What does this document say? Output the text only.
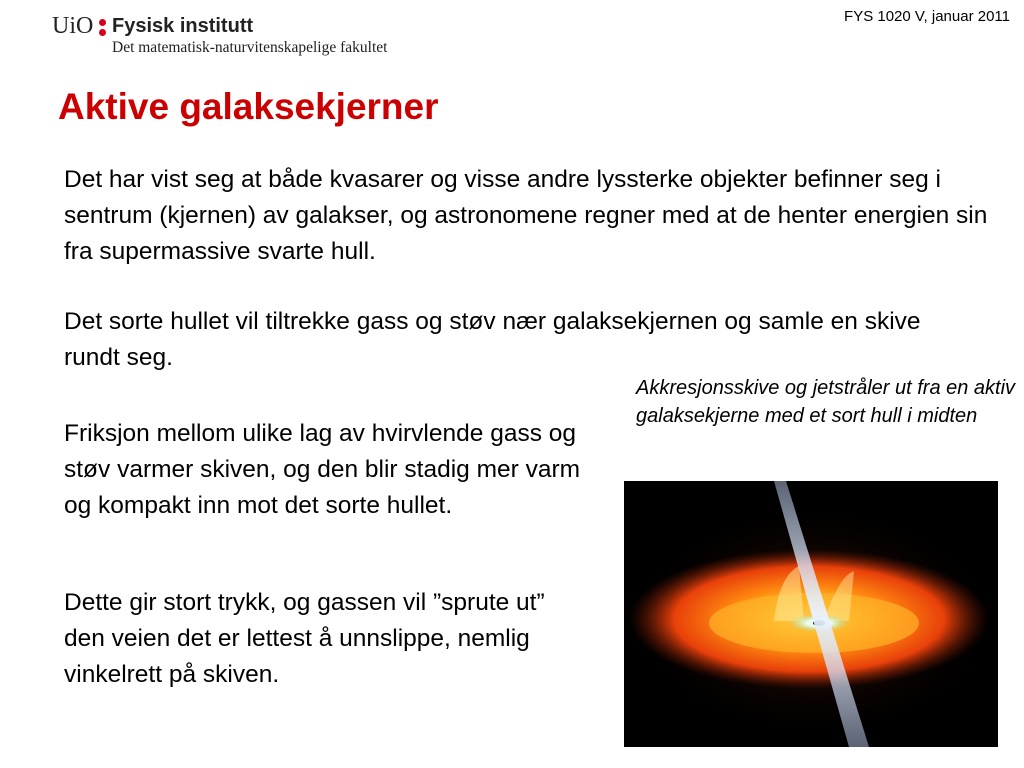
UiO Fysisk institutt
Det matematisk-naturvitenskapelige fakultet
FYS 1020 V, januar 2011
Aktive galaksekjerner

Det har vist seg at både kvasarer og visse andre lyssterke objekter befinner seg i sentrum (kjernen) av galakser, og astronomene regner med at de henter energien sin fra supermassive svarte hull.

Det sorte hullet vil tiltrekke gass og støv nær galaksekjernen og samle en skive rundt seg.

Friksjon mellom ulike lag av hvirvlende gass og støv varmer skiven, og den blir stadig mer varm og kompakt inn mot det sorte hullet.

Dette gir stort trykk, og gassen vil ”sprute ut” den veien det er lettest å unnslippe, nemlig vinkelrett på skiven.

Akkresjonsskive og jetstråler ut fra en aktiv galaksekjerne med et sort hull i midten
